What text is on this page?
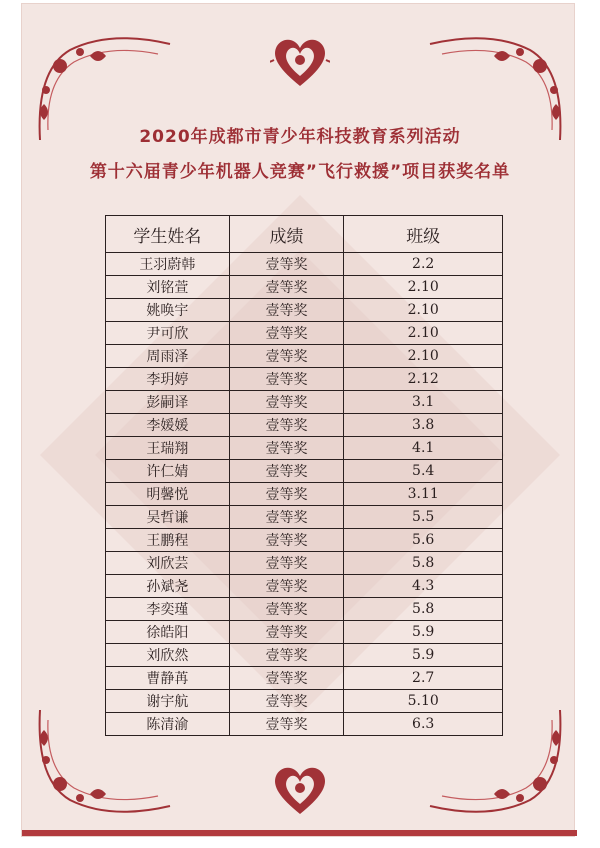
2020年成都市青少年科技教育系列活动
第十六届青少年机器人竞赛”飞行救援”项目获奖名单
学生姓名	成绩	班级
王羽蔚韩	壹等奖	2.2
刘铭萱	壹等奖	2.10
姚唤宇	壹等奖	2.10
尹可欣	壹等奖	2.10
周雨泽	壹等奖	2.10
李玥婷	壹等奖	2.12
彭嗣译	壹等奖	3.1
李媛媛	壹等奖	3.8
王瑞翔	壹等奖	4.1
许仁婧	壹等奖	5.4
明馨悦	壹等奖	3.11
吴哲谦	壹等奖	5.5
王鹏程	壹等奖	5.6
刘欣芸	壹等奖	5.8
孙斌尧	壹等奖	4.3
李奕瑾	壹等奖	5.8
徐皓阳	壹等奖	5.9
刘欣然	壹等奖	5.9
曹静苒	壹等奖	2.7
谢宇航	壹等奖	5.10
陈清渝	壹等奖	6.3
